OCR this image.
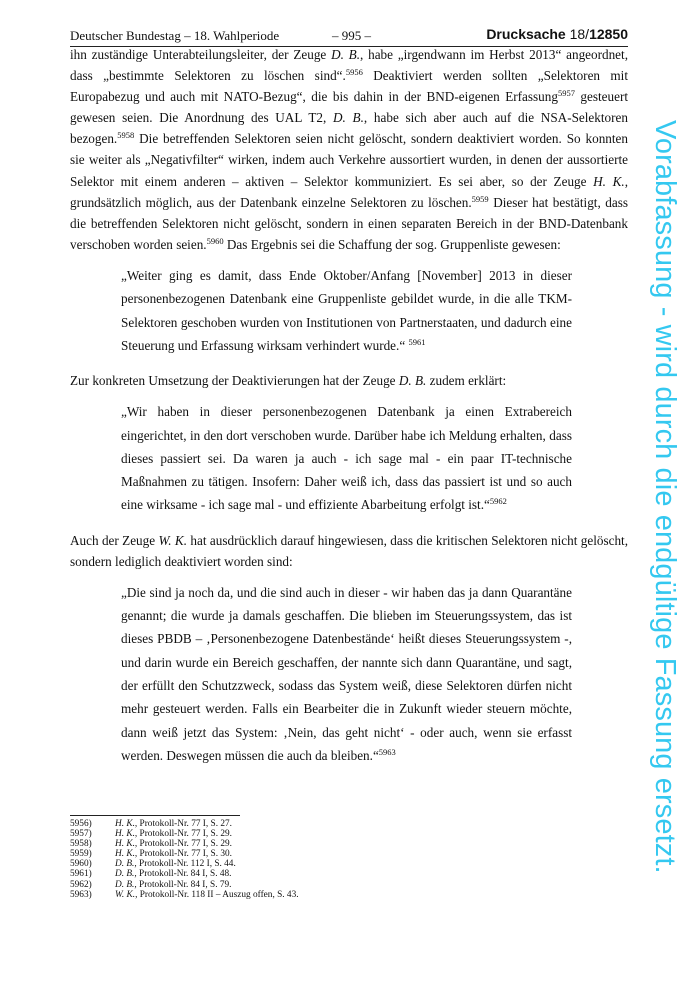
Deutscher Bundestag – 18. Wahlperiode	– 995 –	Drucksache 18/12850

ihn zuständige Unterabteilungsleiter, der Zeuge D. B., habe „irgendwann im Herbst 2013“ angeordnet, dass „bestimmte Selektoren zu löschen sind“.$^{5956}$ Deaktiviert werden sollten „Selektoren mit Europabezug und auch mit NATO-Bezug“, die bis dahin in der BND-eigenen Erfassung$^{5957}$ gesteuert gewesen seien. Die Anordnung des UAL T2, D. B., habe sich aber auch auf die NSA-Selektoren bezogen.$^{5958}$ Die betreffenden Selektoren seien nicht gelöscht, sondern deaktiviert worden. So konnten sie weiter als „Negativfilter“ wirken, indem auch Verkehre aussortiert wurden, in denen der aussortierte Selektor mit einem anderen – aktiven – Selektor kommuniziert. Es sei aber, so der Zeuge H. K., grundsätzlich möglich, aus der Datenbank einzelne Selektoren zu löschen.$^{5959}$ Dieser hat bestätigt, dass die betreffenden Selektoren nicht gelöscht, sondern in einen separaten Bereich in der BND-Datenbank verschoben worden seien.$^{5960}$ Das Ergebnis sei die Schaffung der sog. Gruppenliste gewesen:

„Weiter ging es damit, dass Ende Oktober/Anfang [November] 2013 in dieser personenbezogenen Datenbank eine Gruppenliste gebildet wurde, in die alle TKM-Selektoren geschoben wurden von Institutionen von Partnerstaaten, und dadurch eine Steuerung und Erfassung wirksam verhindert wurde.“ $^{5961}$

Zur konkreten Umsetzung der Deaktivierungen hat der Zeuge D. B. zudem erklärt:

„Wir haben in dieser personenbezogenen Datenbank ja einen Extrabereich eingerichtet, in den dort verschoben wurde. Darüber habe ich Meldung erhalten, dass dieses passiert sei. Da waren ja auch - ich sage mal - ein paar IT-technische Maßnahmen zu tätigen. Insofern: Daher weiß ich, dass das passiert ist und so auch eine wirksame - ich sage mal - und effiziente Abarbeitung erfolgt ist.“$^{5962}$

Auch der Zeuge W. K. hat ausdrücklich darauf hingewiesen, dass die kritischen Selektoren nicht gelöscht, sondern lediglich deaktiviert worden sind:

„Die sind ja noch da, und die sind auch in dieser - wir haben das ja dann Quarantäne genannt; die wurde ja damals geschaffen. Die blieben im Steuerungssystem, das ist dieses PBDB – ‚Personenbezogene Datenbestände‘ heißt dieses Steuerungssystem -, und darin wurde ein Bereich geschaffen, der nannte sich dann Quarantäne, und sagt, der erfüllt den Schutzzweck, sodass das System weiß, diese Selektoren dürfen nicht mehr gesteuert werden. Falls ein Bearbeiter die in Zukunft wieder steuern möchte, dann weiß jetzt das System: ‚Nein, das geht nicht‘ - oder auch, wenn sie erfasst werden. Deswegen müssen die auch da bleiben.“$^{5963}$

5956)	H. K., Protokoll-Nr. 77 I, S. 27.
5957)	H. K., Protokoll-Nr. 77 I, S. 29.
5958)	H. K., Protokoll-Nr. 77 I, S. 29.
5959)	H. K., Protokoll-Nr. 77 I, S. 30.
5960)	D. B., Protokoll-Nr. 112 I, S. 44.
5961)	D. B., Protokoll-Nr. 84 I, S. 48.
5962)	D. B., Protokoll-Nr. 84 I, S. 79.
5963)	W. K., Protokoll-Nr. 118 II – Auszug offen, S. 43.
Vorabfassung - wird durch die endgültige Fassung ersetzt.
